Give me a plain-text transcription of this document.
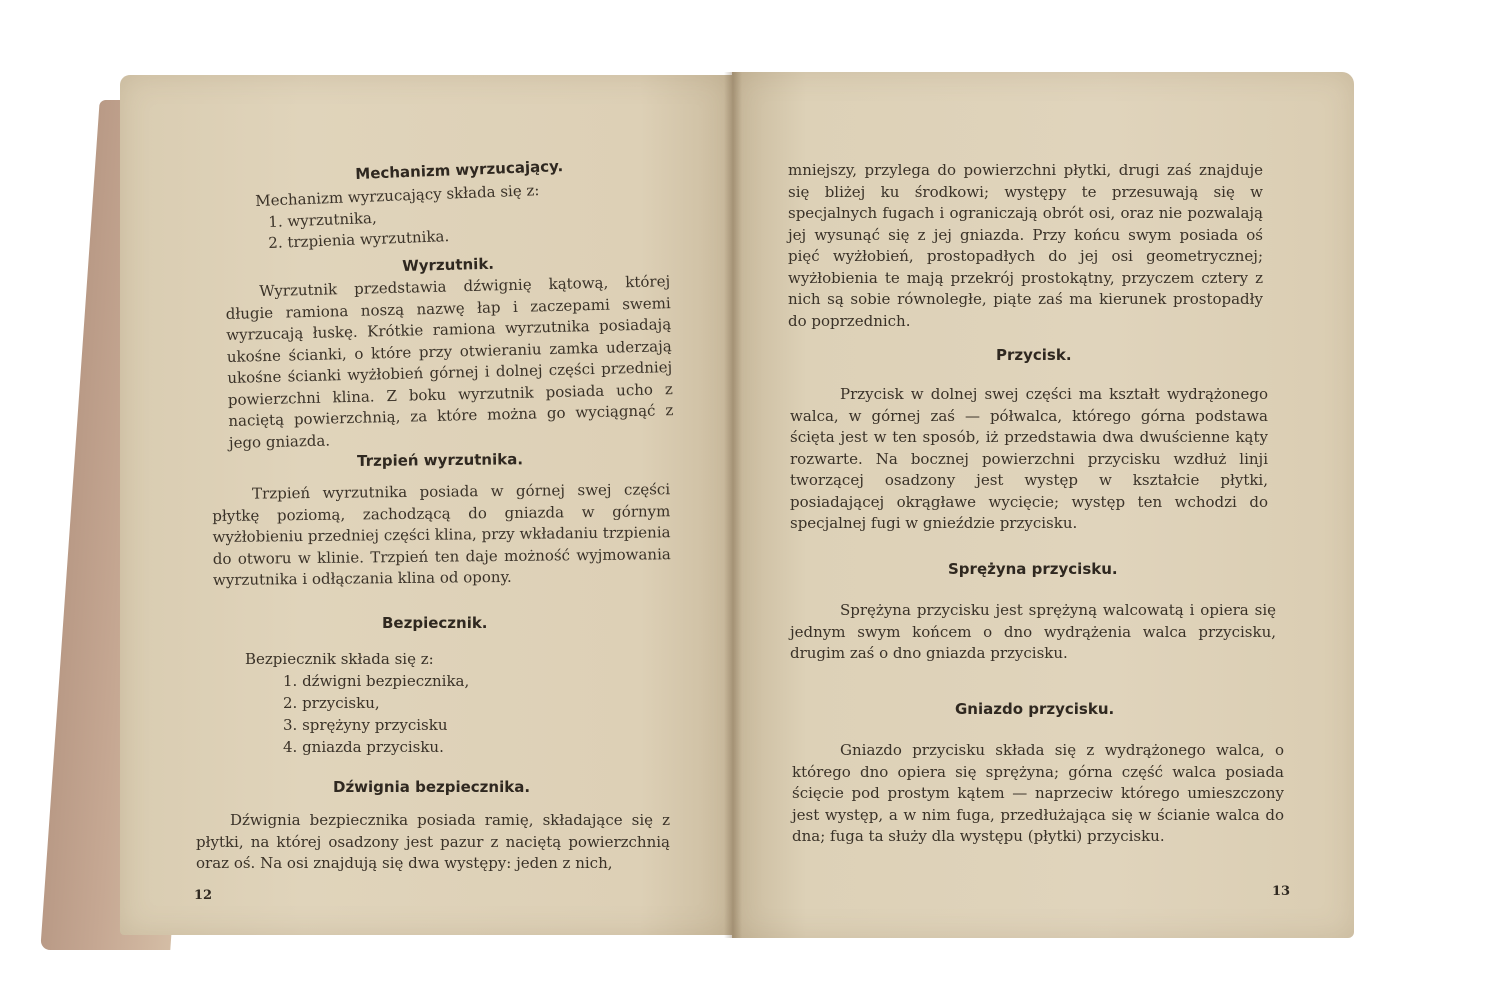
Mechanizm wyrzucający.
Mechanizm wyrzucający składa się z:
1. wyrzutnika,
2. trzpienia wyrzutnika.
Wyrzutnik.
Wyrzutnik przedstawia dźwignię kątową, której długie ramiona noszą nazwę łap i zaczepami swemi wyrzucają łuskę. Krótkie ramiona wyrzutnika posiadają ukośne ścianki, o które przy otwieraniu zamka uderzają ukośne ścianki wyżłobień górnej i dolnej części przedniej powierzchni klina. Z boku wyrzutnik posiada ucho z naciętą powierzchnią, za które można go wyciągnąć z jego gniazda.
Trzpień wyrzutnika.
Trzpień wyrzutnika posiada w górnej swej części płytkę poziomą, zachodzącą do gniazda w górnym wyżłobieniu przedniej części klina, przy wkładaniu trzpienia do otworu w klinie. Trzpień ten daje możność wyjmowania wyrzutnika i odłączania klina od opony.
Bezpiecznik.
Bezpiecznik składa się z:
1. dźwigni bezpiecznika,
2. przycisku,
3. sprężyny przycisku
4. gniazda przycisku.
Dźwignia bezpiecznika.
Dźwignia bezpiecznika posiada ramię, składające się z płytki, na której osadzony jest pazur z naciętą powierzchnią oraz oś. Na osi znajdują się dwa występy: jeden z nich,
12
mniejszy, przylega do powierzchni płytki, drugi zaś znajduje się bliżej ku środkowi; występy te przesuwają się w specjalnych fugach i ograniczają obrót osi, oraz nie pozwalają jej wysunąć się z jej gniazda. Przy końcu swym posiada oś pięć wyżłobień, prostopadłych do jej osi geometrycznej; wyżłobienia te mają przekrój prostokątny, przyczem cztery z nich są sobie równoległe, piąte zaś ma kierunek prostopadły do poprzednich.
Przycisk.
Przycisk w dolnej swej części ma kształt wydrążonego walca, w górnej zaś — półwalca, którego górna podstawa ścięta jest w ten sposób, iż przedstawia dwa dwuścienne kąty rozwarte. Na bocznej powierzchni przycisku wzdłuż linji tworzącej osadzony jest występ w kształcie płytki, posiadającej okrągławe wycięcie; występ ten wchodzi do specjalnej fugi w gnieździe przycisku.
Sprężyna przycisku.
Sprężyna przycisku jest sprężyną walcowatą i opiera się jednym swym końcem o dno wydrążenia walca przycisku, drugim zaś o dno gniazda przycisku.
Gniazdo przycisku.
Gniazdo przycisku składa się z wydrążonego walca, o którego dno opiera się sprężyna; górna część walca posiada ścięcie pod prostym kątem — naprzeciw którego umieszczony jest występ, a w nim fuga, przedłużająca się w ścianie walca do dna; fuga ta służy dla występu (płytki) przycisku.
13
